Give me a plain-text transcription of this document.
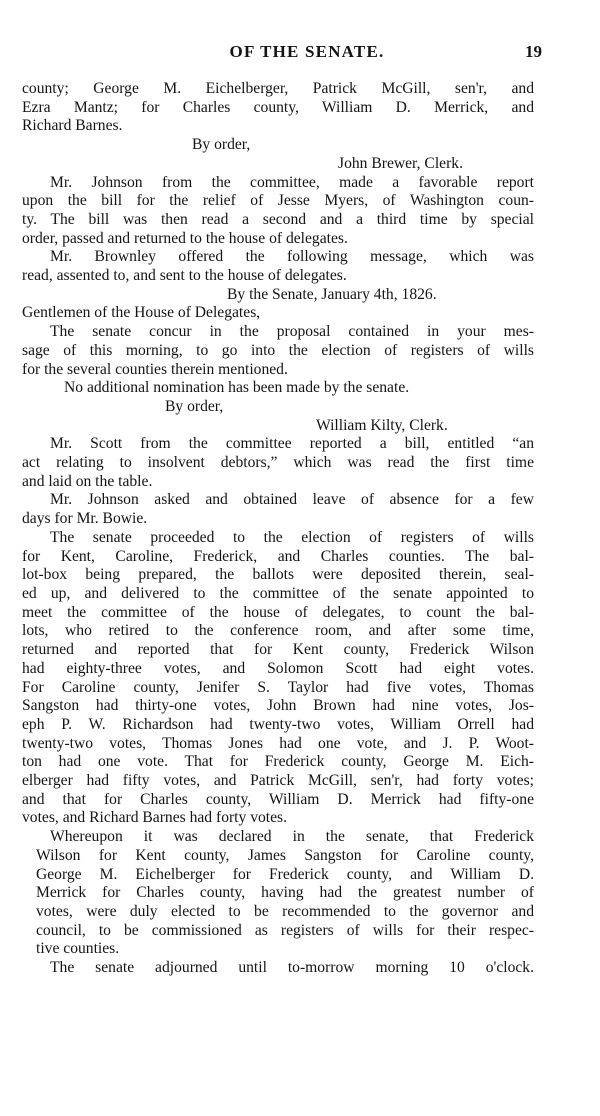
OF THE SENATE.	19
county; George M. Eichelberger, Patrick McGill, sen'r, and
Ezra Mantz; for Charles county, William D. Merrick, and
Richard Barnes.
By order,
John Brewer, Clerk.
Mr. Johnson from the committee, made a favorable report
upon the bill for the relief of Jesse Myers, of Washington coun-
ty. The bill was then read a second and a third time by special
order, passed and returned to the house of delegates.
Mr. Brownley offered the following message, which was
read, assented to, and sent to the house of delegates.
By the Senate, January 4th, 1826.
Gentlemen of the House of Delegates,
The senate concur in the proposal contained in your mes-
sage of this morning, to go into the election of registers of wills
for the several counties therein mentioned.
No additional nomination has been made by the senate.
By order,
William Kilty, Clerk.
Mr. Scott from the committee reported a bill, entitled “an
act relating to insolvent debtors,” which was read the first time
and laid on the table.
Mr. Johnson asked and obtained leave of absence for a few
days for Mr. Bowie.
The senate proceeded to the election of registers of wills
for Kent, Caroline, Frederick, and Charles counties. The bal-
lot-box being prepared, the ballots were deposited therein, seal-
ed up, and delivered to the committee of the senate appointed to
meet the committee of the house of delegates, to count the bal-
lots, who retired to the conference room, and after some time,
returned and reported that for Kent county, Frederick Wilson
had eighty-three votes, and Solomon Scott had eight votes.
For Caroline county, Jenifer S. Taylor had five votes, Thomas
Sangston had thirty-one votes, John Brown had nine votes, Jos-
eph P. W. Richardson had twenty-two votes, William Orrell had
twenty-two votes, Thomas Jones had one vote, and J. P. Woot-
ton had one vote. That for Frederick county, George M. Eich-
elberger had fifty votes, and Patrick McGill, sen'r, had forty votes;
and that for Charles county, William D. Merrick had fifty-one
votes, and Richard Barnes had forty votes.
Whereupon it was declared in the senate, that Frederick
Wilson for Kent county, James Sangston for Caroline county,
George M. Eichelberger for Frederick county, and William D.
Merrick for Charles county, having had the greatest number of
votes, were duly elected to be recommended to the governor and
council, to be commissioned as registers of wills for their respec-
tive counties.
The senate adjourned until to-morrow morning 10 o'clock.
